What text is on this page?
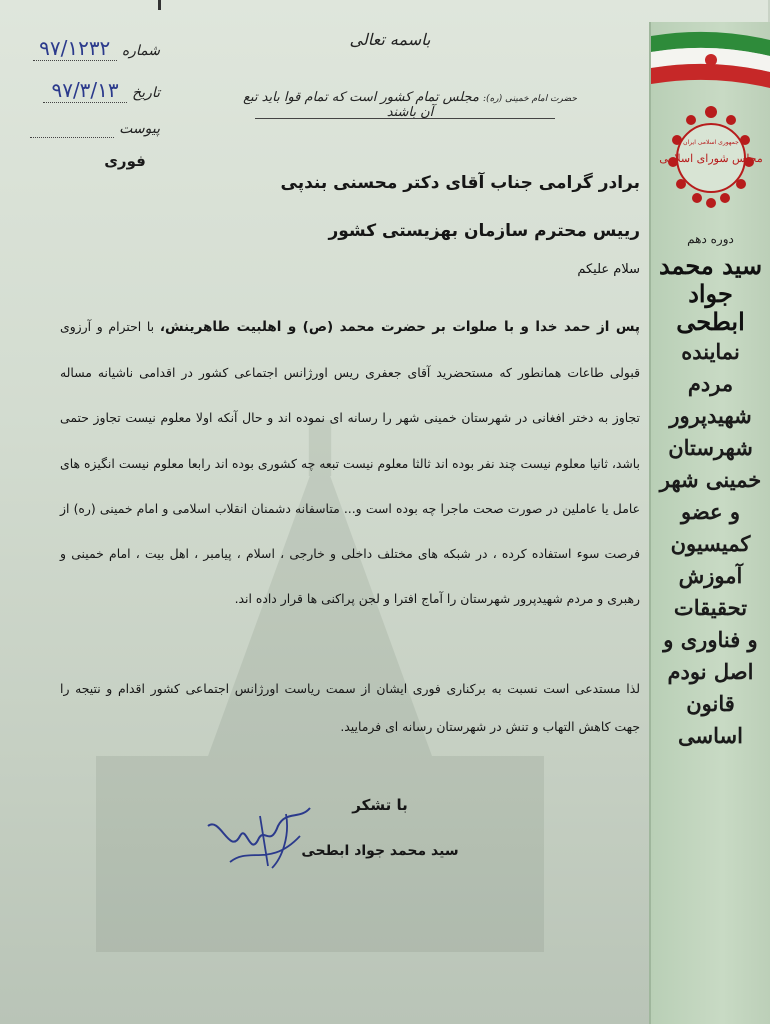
شماره ۹۷/۱۲۳۲
تاریخ ۹۷/۳/۱۳
پیوست
فوری
باسمه تعالی
حضرت امام خمینی (ره): مجلس تمام کشور است که تمام قوا باید تبع آن باشند
برادر گرامی جناب آقای دکتر محسنی بندپی
رییس محترم سازمان بهزیستی کشور
سلام علیکم
پس از حمد خدا و با صلوات بر حضرت محمد (ص) و اهلبیت طاهرینش، با احترام و آرزوی قبولی طاعات همانطور که مستحضرید آقای جعفری ریس اورژانس اجتماعی کشور در اقدامی ناشیانه مساله تجاوز به دختر افغانی در شهرستان خمینی شهر را رسانه ای نموده اند و حال آنکه اولا معلوم نیست تجاوز حتمی باشد، ثانیا معلوم نیست چند نفر بوده اند ثالثا معلوم نیست تبعه چه کشوری بوده اند رابعا معلوم نیست انگیزه های عامل یا عاملین در صورت صحت ماجرا چه بوده است و... متاسفانه دشمنان انقلاب اسلامی و امام خمینی (ره) از فرصت سوء استفاده کرده ، در شبکه های مختلف داخلی و خارجی ، اسلام ، پیامبر ، اهل بیت ، امام خمینی و رهبری و مردم شهیدپرور شهرستان را آماج افترا و لجن پراکنی ها قرار داده اند.
لذا مستدعی است نسبت به برکناری فوری ایشان از سمت ریاست اورژانس اجتماعی کشور اقدام و نتیجه را جهت کاهش التهاب و تنش در شهرستان رسانه ای فرمایید.
با تشکر
سید محمد جواد ابطحی
مجلس شورای اسلامی
جمهوری اسلامی ایران
دوره دهم
سید محمد جواد ابطحی
نماینده مردم شهیدپرور
شهرستان خمینی شهر
و عضو کمیسیون
آموزش تحقیقات
و فناوری و
اصل نودم قانون اساسی
